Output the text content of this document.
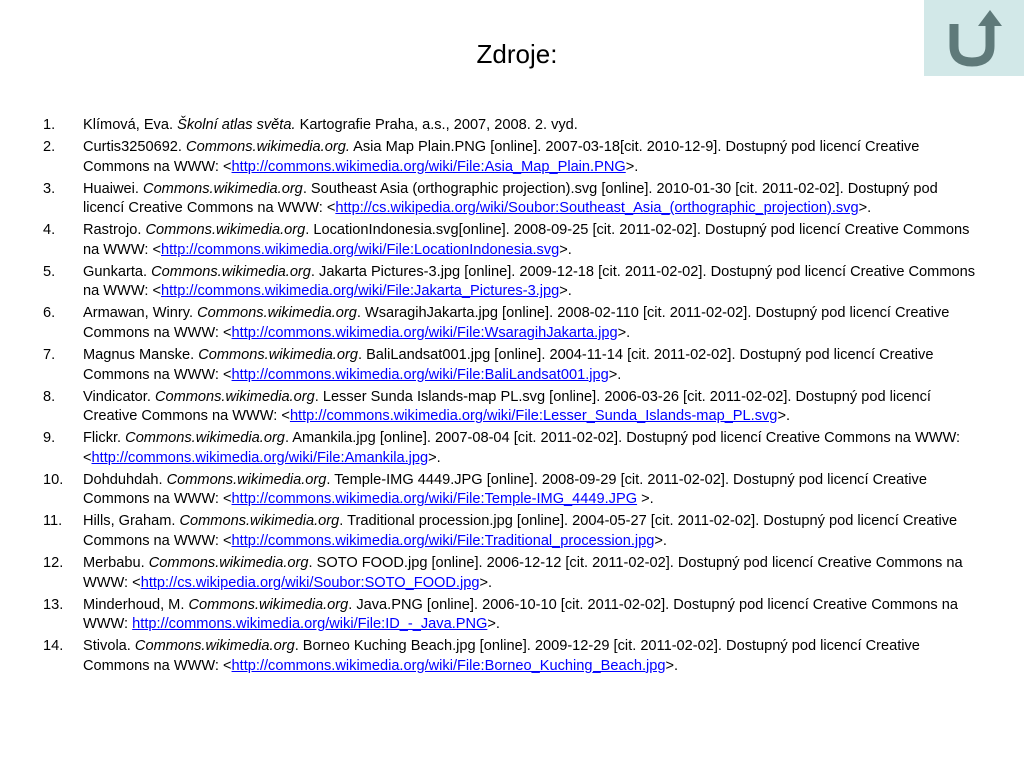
Zdroje:
1. Klímová, Eva. Školní atlas světa. Kartografie Praha, a.s., 2007, 2008. 2. vyd.
2. Curtis3250692. Commons.wikimedia.org. Asia Map Plain.PNG [online]. 2007-03-18[cit. 2010-12-9]. Dostupný pod licencí Creative Commons na WWW: <http://commons.wikimedia.org/wiki/File:Asia_Map_Plain.PNG>.
3. Huaiwei. Commons.wikimedia.org. Southeast Asia (orthographic projection).svg [online]. 2010-01-30 [cit. 2011-02-02]. Dostupný pod licencí Creative Commons na WWW: <http://cs.wikipedia.org/wiki/Soubor:Southeast_Asia_(orthographic_projection).svg>.
4. Rastrojo. Commons.wikimedia.org. LocationIndonesia.svg[online]. 2008-09-25 [cit. 2011-02-02]. Dostupný pod licencí Creative Commons na WWW: <http://commons.wikimedia.org/wiki/File:LocationIndonesia.svg>.
5. Gunkarta. Commons.wikimedia.org. Jakarta Pictures-3.jpg [online]. 2009-12-18 [cit. 2011-02-02]. Dostupný pod licencí Creative Commons na WWW: <http://commons.wikimedia.org/wiki/File:Jakarta_Pictures-3.jpg>.
6. Armawan, Winry. Commons.wikimedia.org. WsaragihJakarta.jpg [online]. 2008-02-110 [cit. 2011-02-02]. Dostupný pod licencí Creative Commons na WWW: <http://commons.wikimedia.org/wiki/File:WsaragihJakarta.jpg>.
7. Magnus Manske. Commons.wikimedia.org. BaliLandsat001.jpg [online]. 2004-11-14 [cit. 2011-02-02]. Dostupný pod licencí Creative Commons na WWW: <http://commons.wikimedia.org/wiki/File:BaliLandsat001.jpg>.
8. Vindicator. Commons.wikimedia.org. Lesser Sunda Islands-map PL.svg [online]. 2006-03-26 [cit. 2011-02-02]. Dostupný pod licencí Creative Commons na WWW: <http://commons.wikimedia.org/wiki/File:Lesser_Sunda_Islands-map_PL.svg>.
9. Flickr. Commons.wikimedia.org. Amankila.jpg [online]. 2007-08-04 [cit. 2011-02-02]. Dostupný pod licencí Creative Commons na WWW: <http://commons.wikimedia.org/wiki/File:Amankila.jpg>.
10. Dohduhdah. Commons.wikimedia.org. Temple-IMG 4449.JPG [online]. 2008-09-29 [cit. 2011-02-02]. Dostupný pod licencí Creative Commons na WWW: <http://commons.wikimedia.org/wiki/File:Temple-IMG_4449.JPG >.
11. Hills, Graham. Commons.wikimedia.org. Traditional procession.jpg [online]. 2004-05-27 [cit. 2011-02-02]. Dostupný pod licencí Creative Commons na WWW: <http://commons.wikimedia.org/wiki/File:Traditional_procession.jpg>.
12. Merbabu. Commons.wikimedia.org. SOTO FOOD.jpg [online]. 2006-12-12 [cit. 2011-02-02]. Dostupný pod licencí Creative Commons na WWW: <http://cs.wikipedia.org/wiki/Soubor:SOTO_FOOD.jpg>.
13. Minderhoud, M. Commons.wikimedia.org. Java.PNG [online]. 2006-10-10 [cit. 2011-02-02]. Dostupný pod licencí Creative Commons na WWW: http://commons.wikimedia.org/wiki/File:ID_-_Java.PNG>.
14. Stivola. Commons.wikimedia.org. Borneo Kuching Beach.jpg [online]. 2009-12-29 [cit. 2011-02-02]. Dostupný pod licencí Creative Commons na WWW: <http://commons.wikimedia.org/wiki/File:Borneo_Kuching_Beach.jpg>.
